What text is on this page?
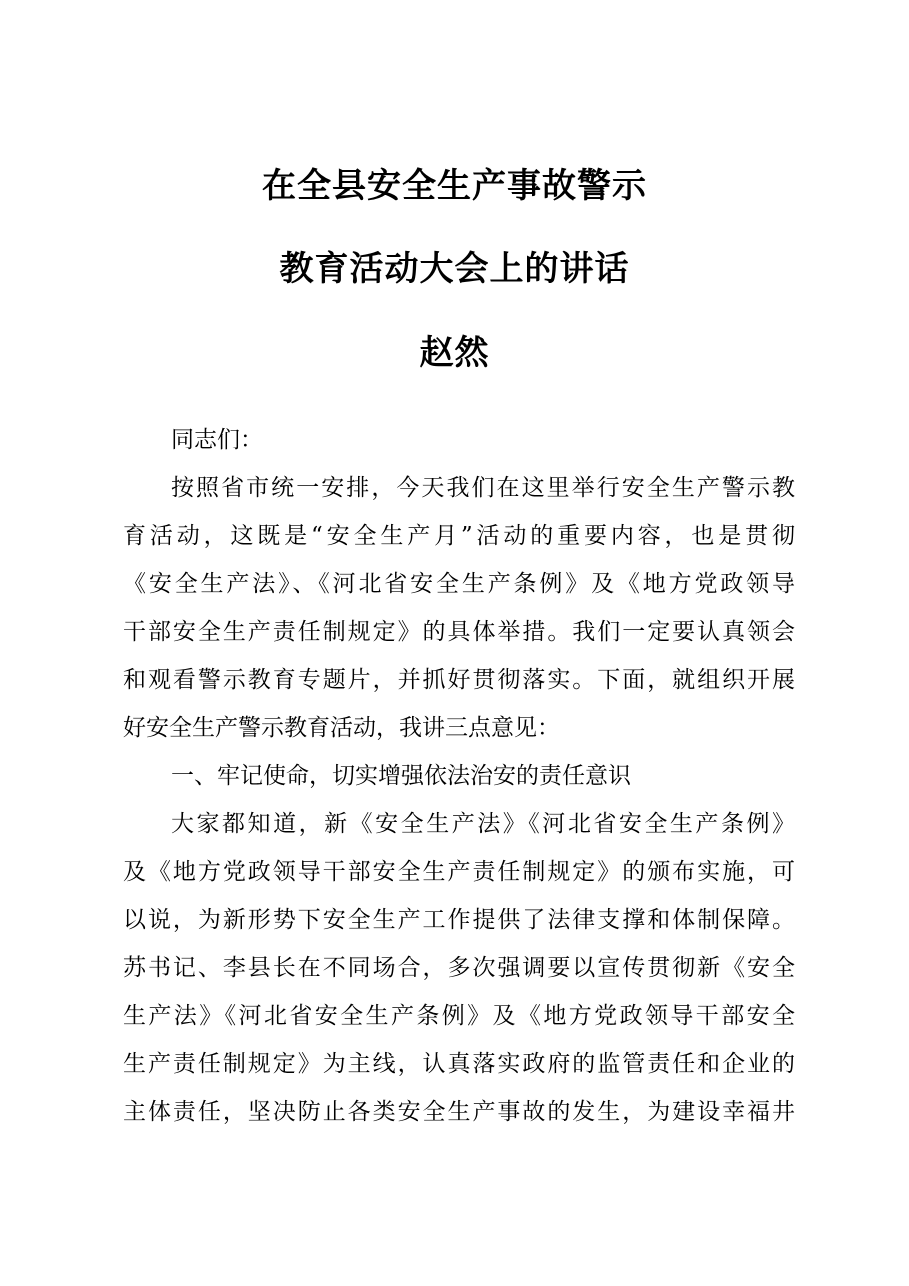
在全县安全生产事故警示
教育活动大会上的讲话
赵然
同志们：
按照省市统一安排，今天我们在这里举行安全生产警示教
育活动，这既是“安全生产月”活动的重要内容，也是贯彻
《安全生产法》、《河北省安全生产条例》及《地方党政领导
干部安全生产责任制规定》的具体举措。我们一定要认真领会
和观看警示教育专题片，并抓好贯彻落实。下面，就组织开展
好安全生产警示教育活动，我讲三点意见：
一、牢记使命，切实增强依法治安的责任意识
大家都知道，新《安全生产法》《河北省安全生产条例》
及《地方党政领导干部安全生产责任制规定》的颁布实施，可
以说，为新形势下安全生产工作提供了法律支撑和体制保障。
苏书记、李县长在不同场合，多次强调要以宣传贯彻新《安全
生产法》《河北省安全生产条例》及《地方党政领导干部安全
生产责任制规定》为主线，认真落实政府的监管责任和企业的
主体责任，坚决防止各类安全生产事故的发生，为建设幸福井
